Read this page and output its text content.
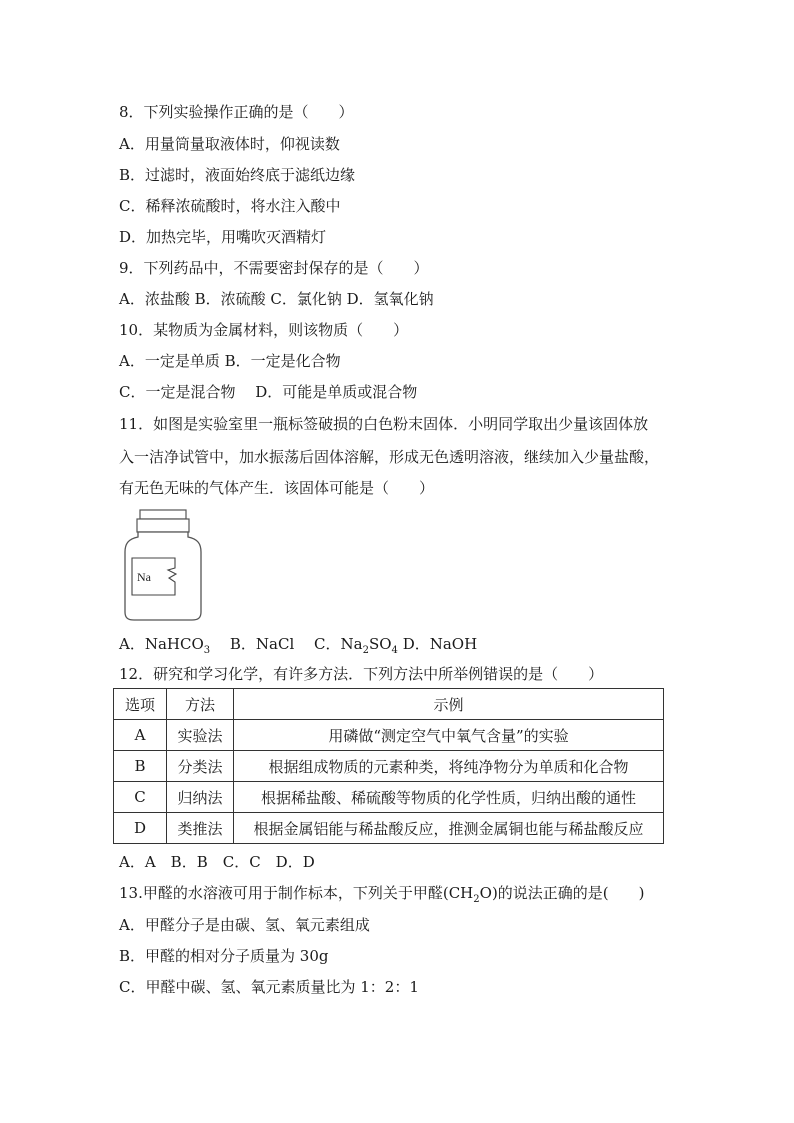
8．下列实验操作正确的是（　　）
A．用量筒量取液体时，仰视读数
B．过滤时，液面始终底于滤纸边缘
C．稀释浓硫酸时，将水注入酸中
D．加热完毕，用嘴吹灭酒精灯
9．下列药品中，不需要密封保存的是（　　）
A．浓盐酸 B．浓硫酸 C．氯化钠 D．氢氧化钠
10．某物质为金属材料，则该物质（　　）
A．一定是单质 B．一定是化合物
C．一定是混合物　 D．可能是单质或混合物
11．如图是实验室里一瓶标签破损的白色粉末固体．小明同学取出少量该固体放
入一洁净试管中，加水振荡后固体溶解，形成无色透明溶液，继续加入少量盐酸，
有无色无味的气体产生．该固体可能是（　　）
Na
A．NaHCO$_3$　 B．NaCl　 C．$Na_2SO_4$ D．NaOH
12．研究和学习化学，有许多方法．下列方法中所举例错误的是（　　）
选项	方法	示例
A	实验法	用磷做“测定空气中氧气含量”的实验
B	分类法	根据组成物质的元素种类，将纯净物分为单质和化合物
C	归纳法	根据稀盐酸、稀硫酸等物质的化学性质，归纳出酸的通性
D	类推法	根据金属铝能与稀盐酸反应，推测金属铜也能与稀盐酸反应
A．A　B．B　C．C　D．D
13.甲醛的水溶液可用于制作标本，下列关于甲醛$(CH_2O)$的说法正确的是(　　)
A．甲醛分子是由碳、氢、氧元素组成
B．甲醛的相对分子质量为 30g
C．甲醛中碳、氢、氧元素质量比为 1：2：1
